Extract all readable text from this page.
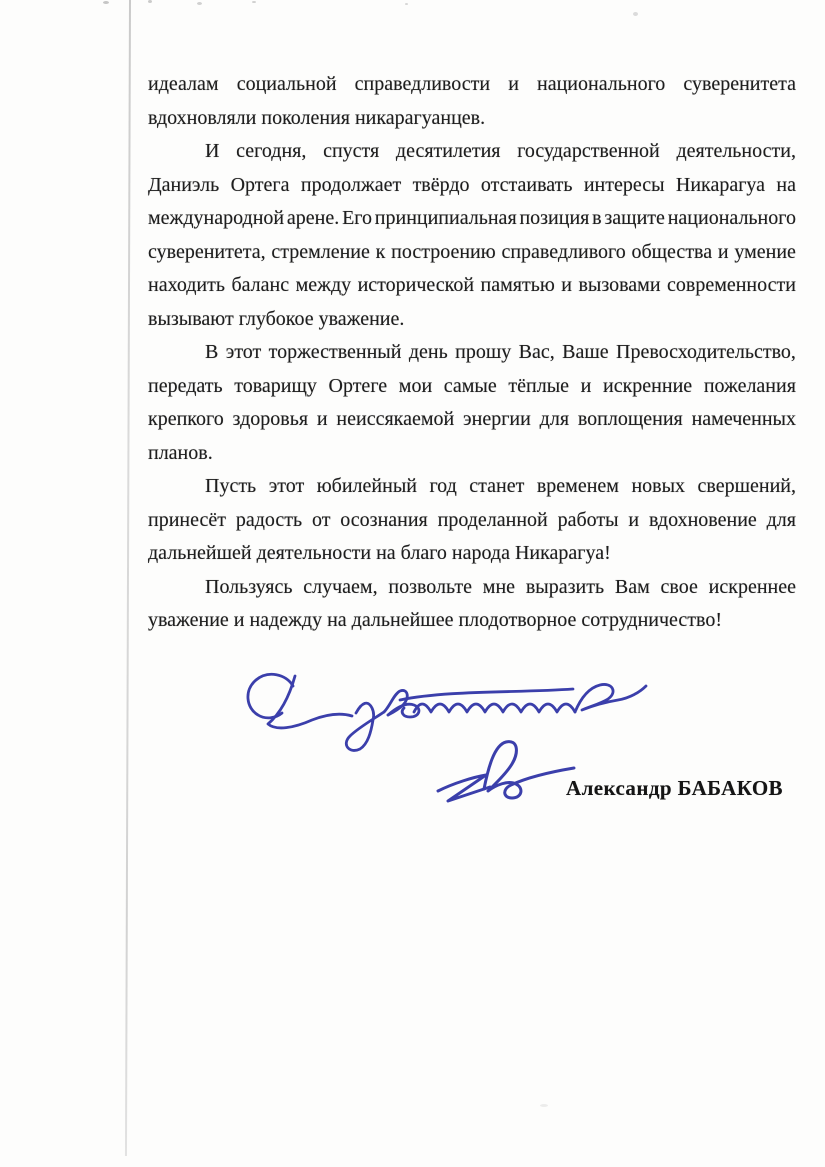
идеалам социальной справедливости и национального суверенитета
вдохновляли поколения никарагуанцев.
И сегодня, спустя десятилетия государственной деятельности,
Даниэль Ортега продолжает твёрдо отстаивать интересы Никарагуа на
международной арене. Его принципиальная позиция в защите национального
суверенитета, стремление к построению справедливого общества и умение
находить баланс между исторической памятью и вызовами современности
вызывают глубокое уважение.
В этот торжественный день прошу Вас, Ваше Превосходительство,
передать товарищу Ортеге мои самые тёплые и искренние пожелания
крепкого здоровья и неиссякаемой энергии для воплощения намеченных
планов.
Пусть этот юбилейный год станет временем новых свершений,
принесёт радость от осознания проделанной работы и вдохновение для
дальнейшей деятельности на благо народа Никарагуа!
Пользуясь случаем, позвольте мне выразить Вам свое искреннее
уважение и надежду на дальнейшее плодотворное сотрудничество!
Александр БАБАКОВ
